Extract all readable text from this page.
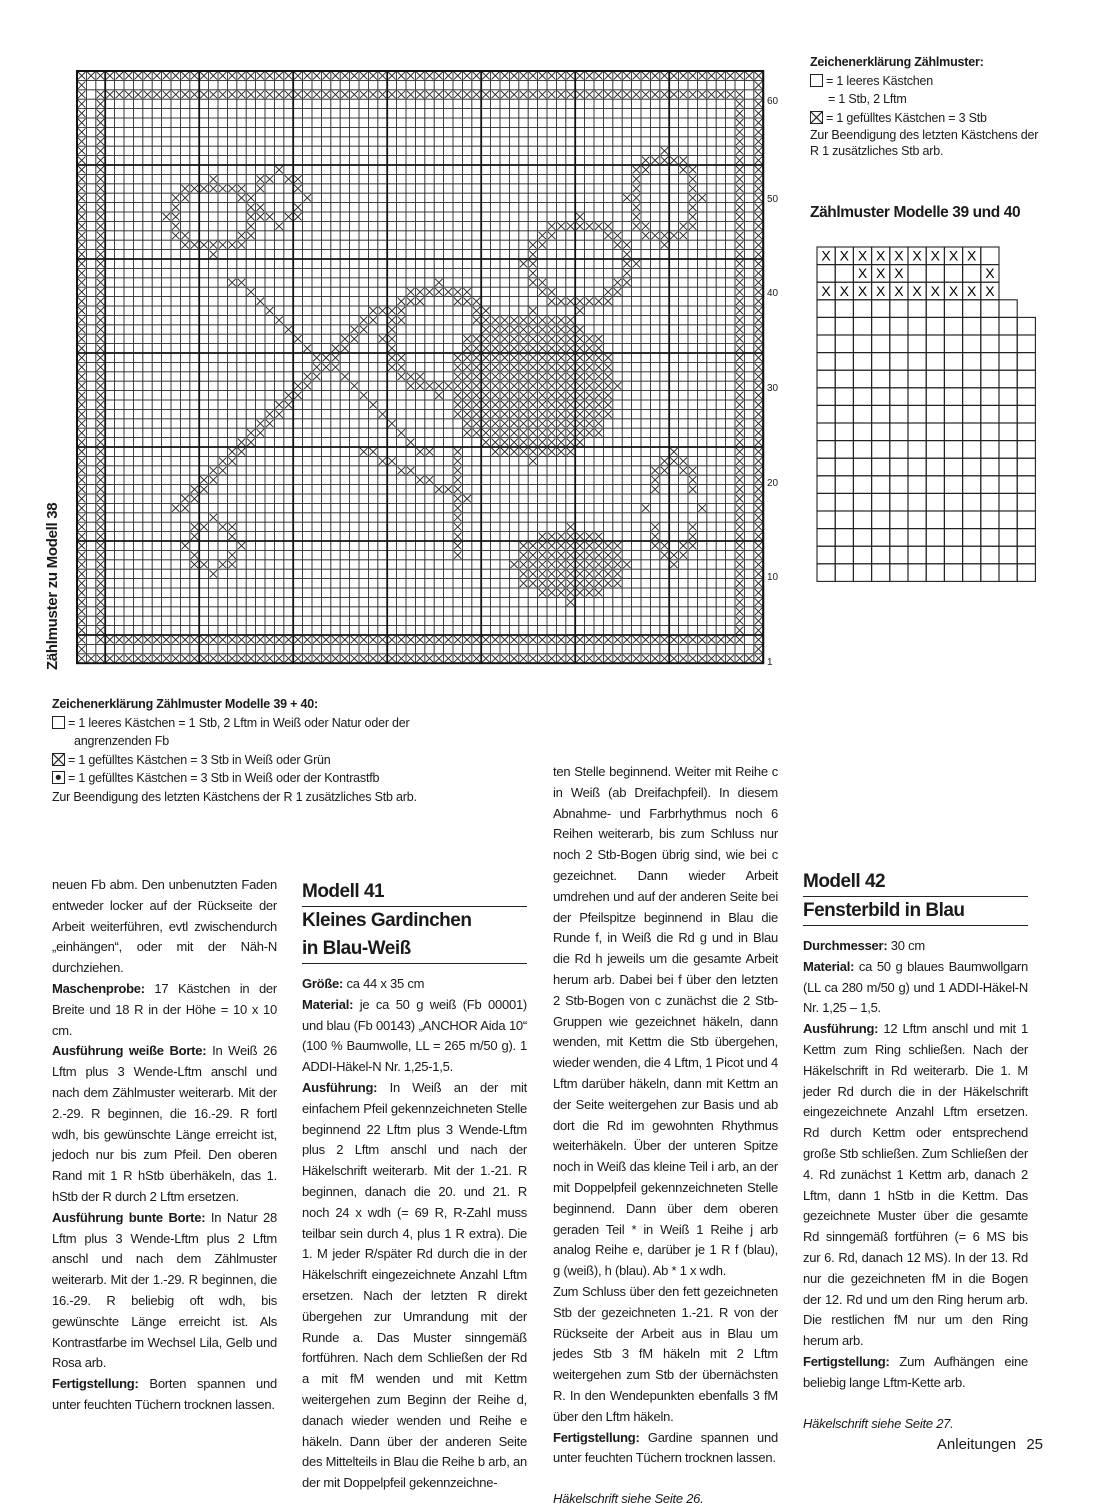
60
50
40
30
20
10
1
Zählmuster zu Modell 38
Zeichenerklärung Zählmuster:
= 1 leeres Kästchen
= 1 Stb, 2 Lftm
= 1 gefülltes Kästchen = 3 Stb
Zur Beendigung des letzten Kästchens der R 1 zusätzliches Stb arb.
Zählmuster Modelle 39 und 40
X X X X X X X X X
X X X	X
X X X X X X X X X X
Zeichenerklärung Zählmuster Modelle 39 + 40:
= 1 leeres Kästchen = 1 Stb, 2 Lftm in Weiß oder Natur oder der
angrenzenden Fb
= 1 gefülltes Kästchen = 3 Stb in Weiß oder Grün
= 1 gefülltes Kästchen = 3 Stb in Weiß oder der Kontrastfb
Zur Beendigung des letzten Kästchens der R 1 zusätzliches Stb arb.

neuen Fb abm. Den unbenutzten Faden entweder locker auf der Rückseite der Arbeit weiterführen, evtl zwischendurch „einhängen“, oder mit der Näh-N durchziehen.

Maschenprobe: 17 Kästchen in der Breite und 18 R in der Höhe = 10 x 10 cm.

Ausführung weiße Borte: In Weiß 26 Lftm plus 3 Wende-Lftm anschl und nach dem Zählmuster weiterarb. Mit der 2.-29. R beginnen, die 16.-29. R fortl wdh, bis gewünschte Länge erreicht ist, jedoch nur bis zum Pfeil. Den oberen Rand mit 1 R hStb überhäkeln, das 1. hStb der R durch 2 Lftm ersetzen.

Ausführung bunte Borte: In Natur 28 Lftm plus 3 Wende-Lftm plus 2 Lftm anschl und nach dem Zählmuster weiterarb. Mit der 1.-29. R beginnen, die 16.-29. R beliebig oft wdh, bis gewünschte Länge erreicht ist. Als Kontrastfarbe im Wechsel Lila, Gelb und Rosa arb.

Fertigstellung: Borten spannen und unter feuchten Tüchern trocknen lassen.

Modell 41
Kleines Gardinchen
in Blau-Weiß

Größe: ca 44 x 35 cm

Material: je ca 50 g weiß (Fb 00001) und blau (Fb 00143) „ANCHOR Aida 10“ (100 % Baumwolle, LL = 265 m/50 g). 1 ADDI-Häkel-N Nr. 1,25-1,5.

Ausführung: In Weiß an der mit einfachem Pfeil gekennzeichneten Stelle beginnend 22 Lftm plus 3 Wende-Lftm plus 2 Lftm anschl und nach der Häkelschrift weiterarb. Mit der 1.-21. R beginnen, danach die 20. und 21. R noch 24 x wdh (= 69 R, R-Zahl muss teilbar sein durch 4, plus 1 R extra). Die 1. M jeder R/später Rd durch die in der Häkelschrift eingezeichnete Anzahl Lftm ersetzen. Nach der letzten R direkt übergehen zur Umrandung mit der Runde a. Das Muster sinngemäß fortführen. Nach dem Schließen der Rd a mit fM wenden und mit Kettm weitergehen zum Beginn der Reihe d, danach wieder wenden und Reihe e häkeln. Dann über der anderen Seite des Mittelteils in Blau die Reihe b arb, an der mit Doppelpfeil gekennzeichne-

ten Stelle beginnend. Weiter mit Reihe c in Weiß (ab Dreifachpfeil). In diesem Abnahme- und Farbrhythmus noch 6 Reihen weiterarb, bis zum Schluss nur noch 2 Stb-Bogen übrig sind, wie bei c gezeichnet. Dann wieder Arbeit umdrehen und auf der anderen Seite bei der Pfeilspitze beginnend in Blau die Runde f, in Weiß die Rd g und in Blau die Rd h jeweils um die gesamte Arbeit herum arb. Dabei bei f über den letzten 2 Stb-Bogen von c zunächst die 2 Stb-Gruppen wie gezeichnet häkeln, dann wenden, mit Kettm die Stb übergehen, wieder wenden, die 4 Lftm, 1 Picot und 4 Lftm darüber häkeln, dann mit Kettm an der Seite weitergehen zur Basis und ab dort die Rd im gewohnten Rhythmus weiterhäkeln. Über der unteren Spitze noch in Weiß das kleine Teil i arb, an der mit Doppelpfeil gekennzeichneten Stelle beginnend. Dann über dem oberen geraden Teil * in Weiß 1 Reihe j arb analog Reihe e, darüber je 1 R f (blau), g (weiß), h (blau). Ab * 1 x wdh.

Zum Schluss über den fett gezeichneten Stb der gezeichneten 1.-21. R von der Rückseite der Arbeit aus in Blau um jedes Stb 3 fM häkeln mit 2 Lftm weitergehen zum Stb der übernächsten R. In den Wendepunkten ebenfalls 3 fM über den Lftm häkeln.

Fertigstellung: Gardine spannen und unter feuchten Tüchern trocknen lassen.

Häkelschrift siehe Seite 26.

Modell 42
Fensterbild in Blau

Durchmesser: 30 cm

Material: ca 50 g blaues Baumwollgarn (LL ca 280 m/50 g) und 1 ADDI-Häkel-N Nr. 1,25 – 1,5.

Ausführung: 12 Lftm anschl und mit 1 Kettm zum Ring schließen. Nach der Häkelschrift in Rd weiterarb. Die 1. M jeder Rd durch die in der Häkelschrift eingezeichnete Anzahl Lftm ersetzen. Rd durch Kettm oder entsprechend große Stb schließen. Zum Schließen der 4. Rd zunächst 1 Kettm arb, danach 2 Lftm, dann 1 hStb in die Kettm. Das gezeichnete Muster über die gesamte Rd sinngemäß fortführen (= 6 MS bis zur 6. Rd, danach 12 MS). In der 13. Rd nur die gezeichneten fM in die Bogen der 12. Rd und um den Ring herum arb. Die restlichen fM nur um den Ring herum arb.

Fertigstellung: Zum Aufhängen eine beliebig lange Lftm-Kette arb.

Häkelschrift siehe Seite 27.

Anleitungen 25
